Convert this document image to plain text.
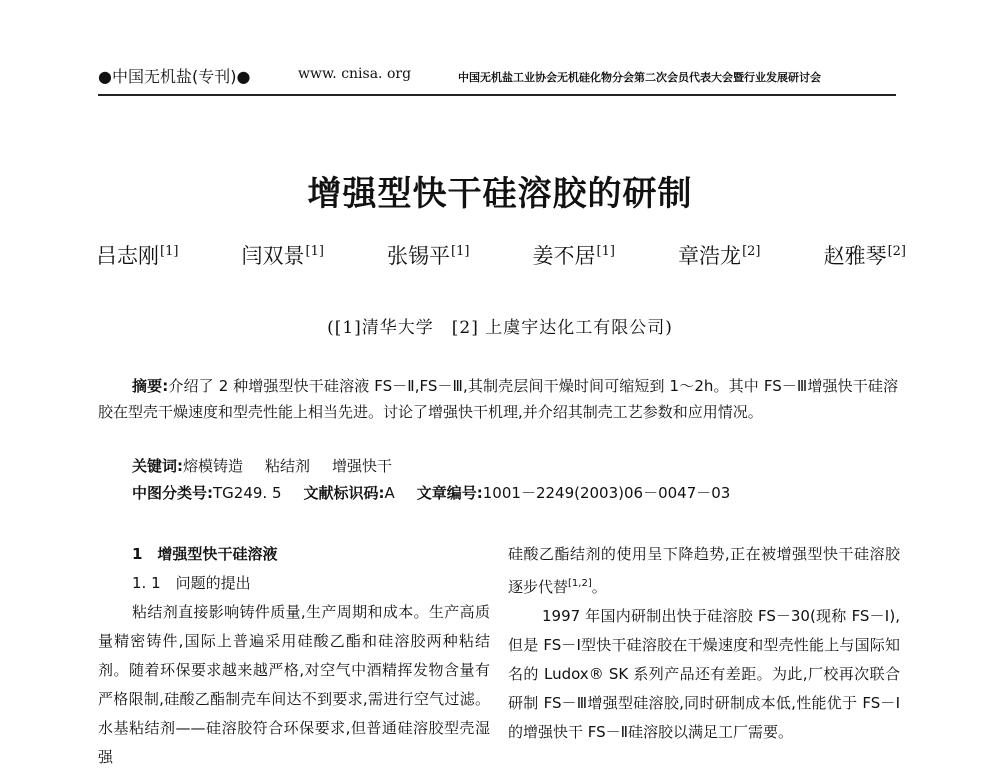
●中国无机盐(专刊)●	www. cnisa. org	中国无机盐工业协会无机硅化物分会第二次会员代表大会暨行业发展研讨会
增强型快干硅溶胶的研制
吕志刚[1]	闫双景[1]	张锡平[1]	姜不居[1]	章浩龙[2]	赵雅琴[2]
([1]清华大学　[2] 上虞宇达化工有限公司)
摘要:介绍了 2 种增强型快干硅溶液 FS－Ⅱ,FS－Ⅲ,其制壳层间干燥时间可缩短到 1～2h。其中 FS－Ⅲ增强快干硅溶胶在型壳干燥速度和型壳性能上相当先进。讨论了增强快干机理,并介绍其制壳工艺参数和应用情况。
关键词:熔模铸造 粘结剂 增强快干
中图分类号:TG249. 5 文献标识码:A 文章编号:1001－2249(2003)06－0047－03
1　增强型快干硅溶液
1. 1　问题的提出
粘结剂直接影响铸件质量,生产周期和成本。生产高质量精密铸件,国际上普遍采用硅酸乙酯和硅溶胶两种粘结剂。随着环保要求越来越严格,对空气中酒精挥发物含量有严格限制,硅酸乙酯制壳车间达不到要求,需进行空气过滤。水基粘结剂——硅溶胶符合环保要求,但普通硅溶胶型壳湿强
硅酸乙酯结剂的使用呈下降趋势,正在被增强型快干硅溶胶逐步代替[1,2]。
1997 年国内研制出快于硅溶胶 FS－30(现称 FS－Ⅰ),但是 FS－Ⅰ型快干硅溶胶在干燥速度和型壳性能上与国际知名的 Ludox® SK 系列产品还有差距。为此,厂校再次联合研制 FS－Ⅲ增强型硅溶胶,同时研制成本低,性能优于 FS－Ⅰ的增强快干 FS－Ⅱ硅溶胶以满足工厂需要。
